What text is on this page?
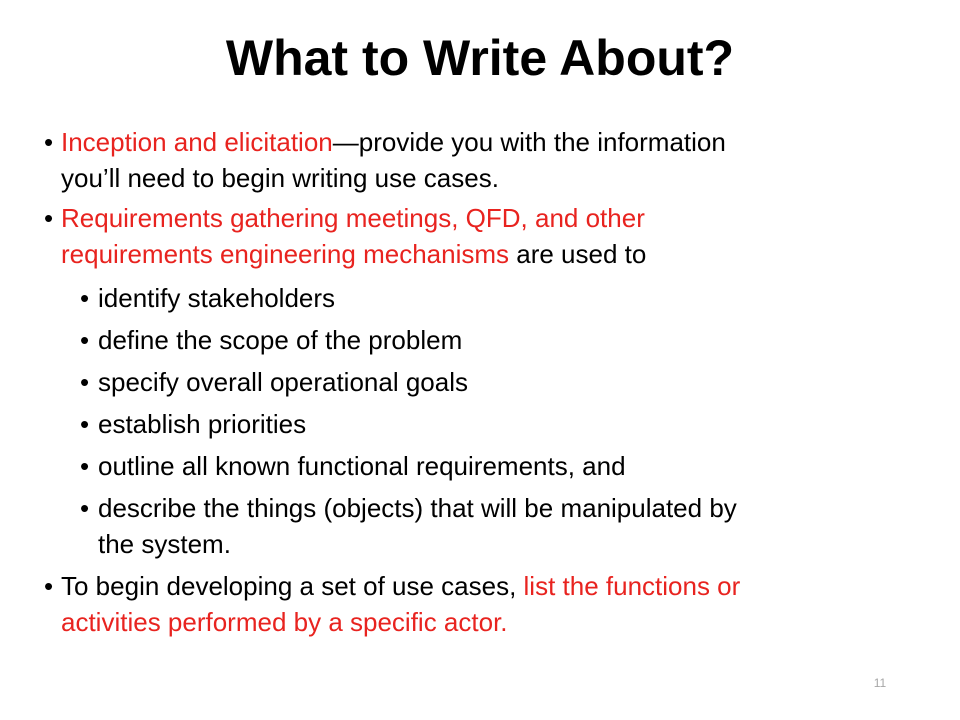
What to Write About?
• Inception and elicitation—provide you with the information
you’ll need to begin writing use cases.
• Requirements gathering meetings, QFD, and other
requirements engineering mechanisms are used to
• identify stakeholders
• define the scope of the problem
• specify overall operational goals
• establish priorities
• outline all known functional requirements, and
• describe the things (objects) that will be manipulated by
the system.
• To begin developing a set of use cases, list the functions or
activities performed by a specific actor.
11
